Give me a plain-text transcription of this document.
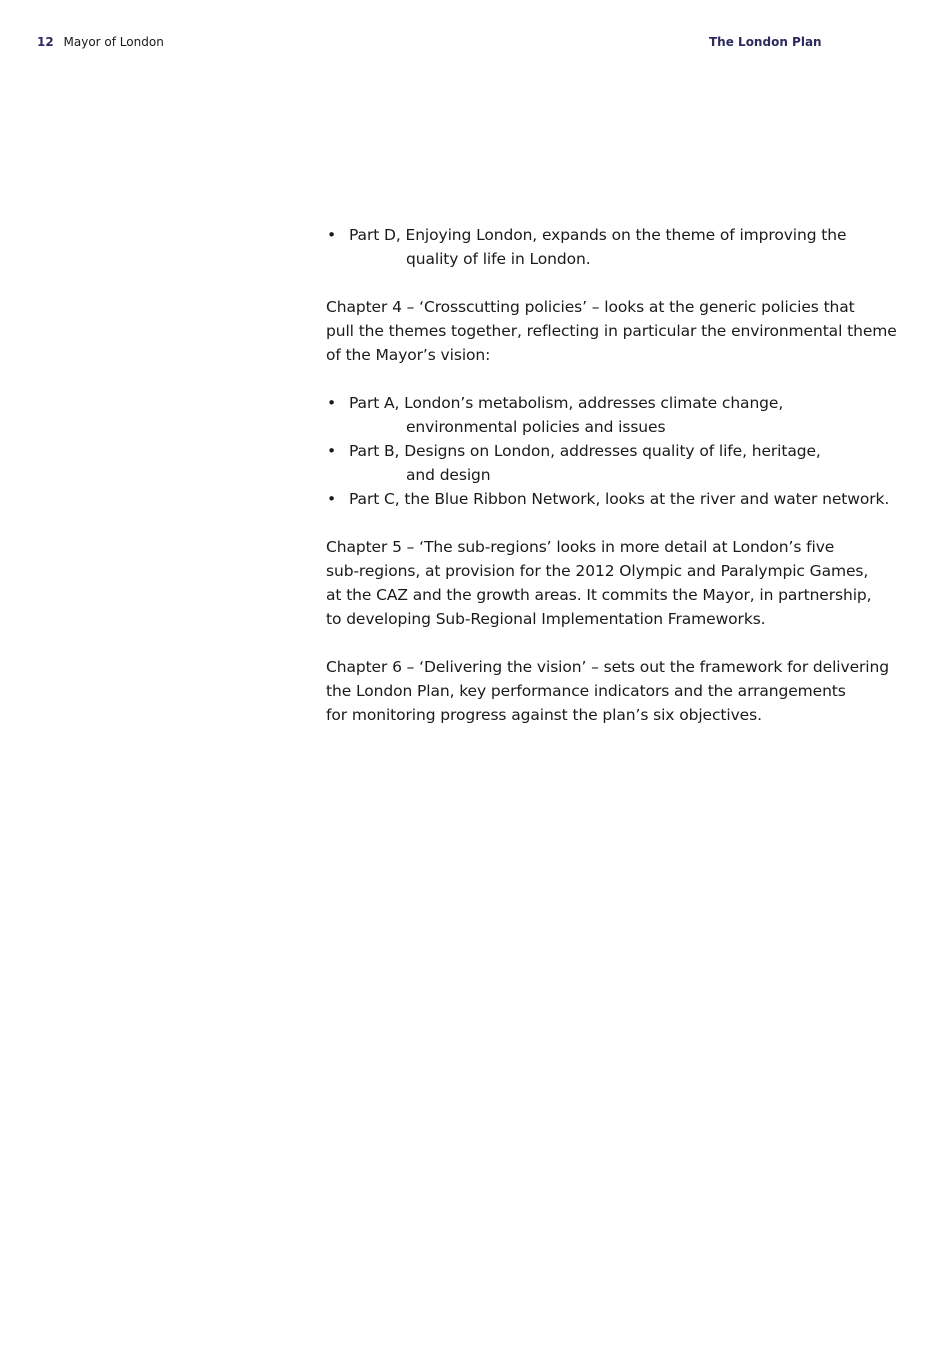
12 Mayor of London	The London Plan
• Part D, Enjoying London, expands on the theme of improving the
quality of life in London.

Chapter 4 – ‘Crosscutting policies’ – looks at the generic policies that
pull the themes together, reflecting in particular the environmental theme
of the Mayor’s vision:

• Part A, London’s metabolism, addresses climate change,
environmental policies and issues
• Part B, Designs on London, addresses quality of life, heritage,
and design
• Part C, the Blue Ribbon Network, looks at the river and water network.

Chapter 5 – ‘The sub-regions’ looks in more detail at London’s five
sub-regions, at provision for the 2012 Olympic and Paralympic Games,
at the CAZ and the growth areas. It commits the Mayor, in partnership,
to developing Sub-Regional Implementation Frameworks.

Chapter 6 – ‘Delivering the vision’ – sets out the framework for delivering
the London Plan, key performance indicators and the arrangements
for monitoring progress against the plan’s six objectives.
